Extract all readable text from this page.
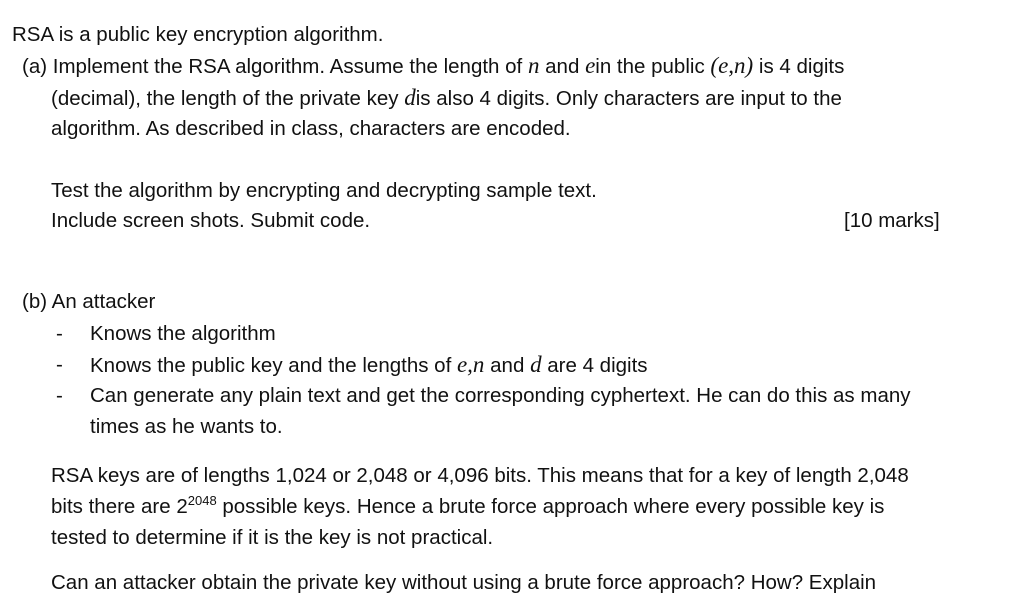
RSA is a public key encryption algorithm.
(a) Implement the RSA algorithm. Assume the length of n and ein the public (e,n) is 4 digits
(decimal), the length of the private key dis also 4 digits. Only characters are input to the
algorithm. As described in class, characters are encoded.
Test the algorithm by encrypting and decrypting sample text.
Include screen shots. Submit code.	[10 marks]
(b) An attacker
-	Knows the algorithm
-	Knows the public key and the lengths of e,n and d are 4 digits
-	Can generate any plain text and get the corresponding cyphertext. He can do this as many
times as he wants to.
RSA keys are of lengths 1,024 or 2,048 or 4,096 bits. This means that for a key of length 2,048
bits there are $2^{2048}$ possible keys. Hence a brute force approach where every possible key is
tested to determine if it is the key is not practical.
Can an attacker obtain the private key without using a brute force approach? How? Explain
